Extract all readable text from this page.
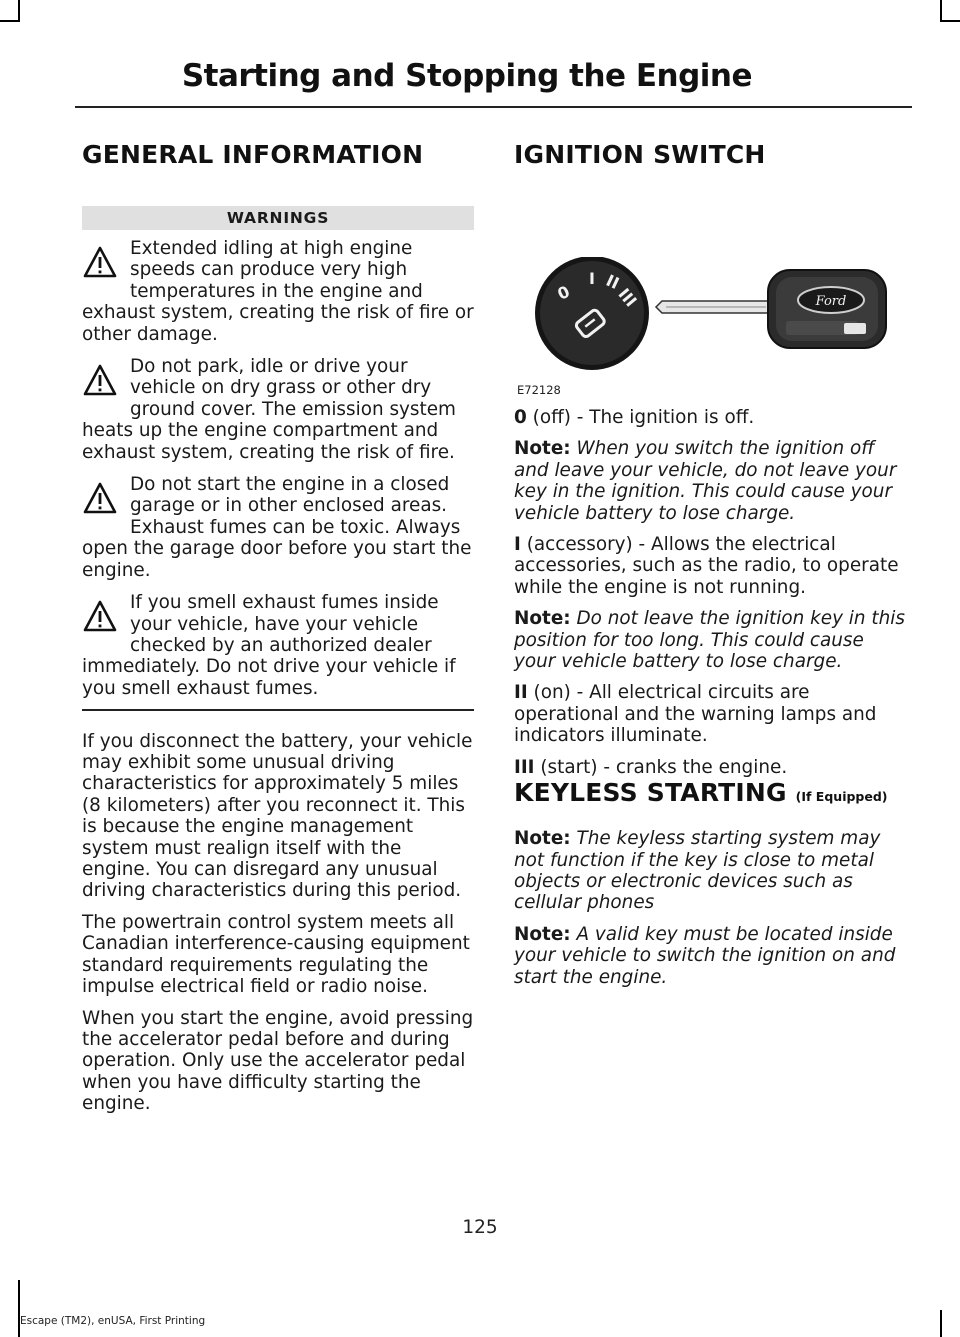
Starting and Stopping the Engine
GENERAL INFORMATION
WARNINGS

Extended idling at high engine speeds can produce very high temperatures in the engine and exhaust system, creating the risk of fire or other damage.

Do not park, idle or drive your vehicle on dry grass or other dry ground cover. The emission system heats up the engine compartment and exhaust system, creating the risk of fire.

Do not start the engine in a closed garage or in other enclosed areas. Exhaust fumes can be toxic. Always open the garage door before you start the engine.

If you smell exhaust fumes inside your vehicle, have your vehicle checked by an authorized dealer immediately. Do not drive your vehicle if you smell exhaust fumes.

If you disconnect the battery, your vehicle may exhibit some unusual driving characteristics for approximately 5 miles (8 kilometers) after you reconnect it. This is because the engine management system must realign itself with the engine. You can disregard any unusual driving characteristics during this period.

The powertrain control system meets all Canadian interference-causing equipment standard requirements regulating the impulse electrical field or radio noise.

When you start the engine, avoid pressing the accelerator pedal before and during operation. Only use the accelerator pedal when you have difficulty starting the engine.

IGNITION SWITCH
0
I II
III	Ford
E72128

0 (off) - The ignition is off.

Note: When you switch the ignition off and leave your vehicle, do not leave your key in the ignition. This could cause your vehicle battery to lose charge.

I (accessory) - Allows the electrical accessories, such as the radio, to operate while the engine is not running.

Note: Do not leave the ignition key in this position for too long. This could cause your vehicle battery to lose charge.

II (on) - All electrical circuits are operational and the warning lamps and indicators illuminate.

III (start) - cranks the engine.

KEYLESS STARTING (If Equipped)

Note: The keyless starting system may not function if the key is close to metal objects or electronic devices such as cellular phones

Note: A valid key must be located inside your vehicle to switch the ignition on and start the engine.

125
Escape (TM2), enUSA, First Printing
